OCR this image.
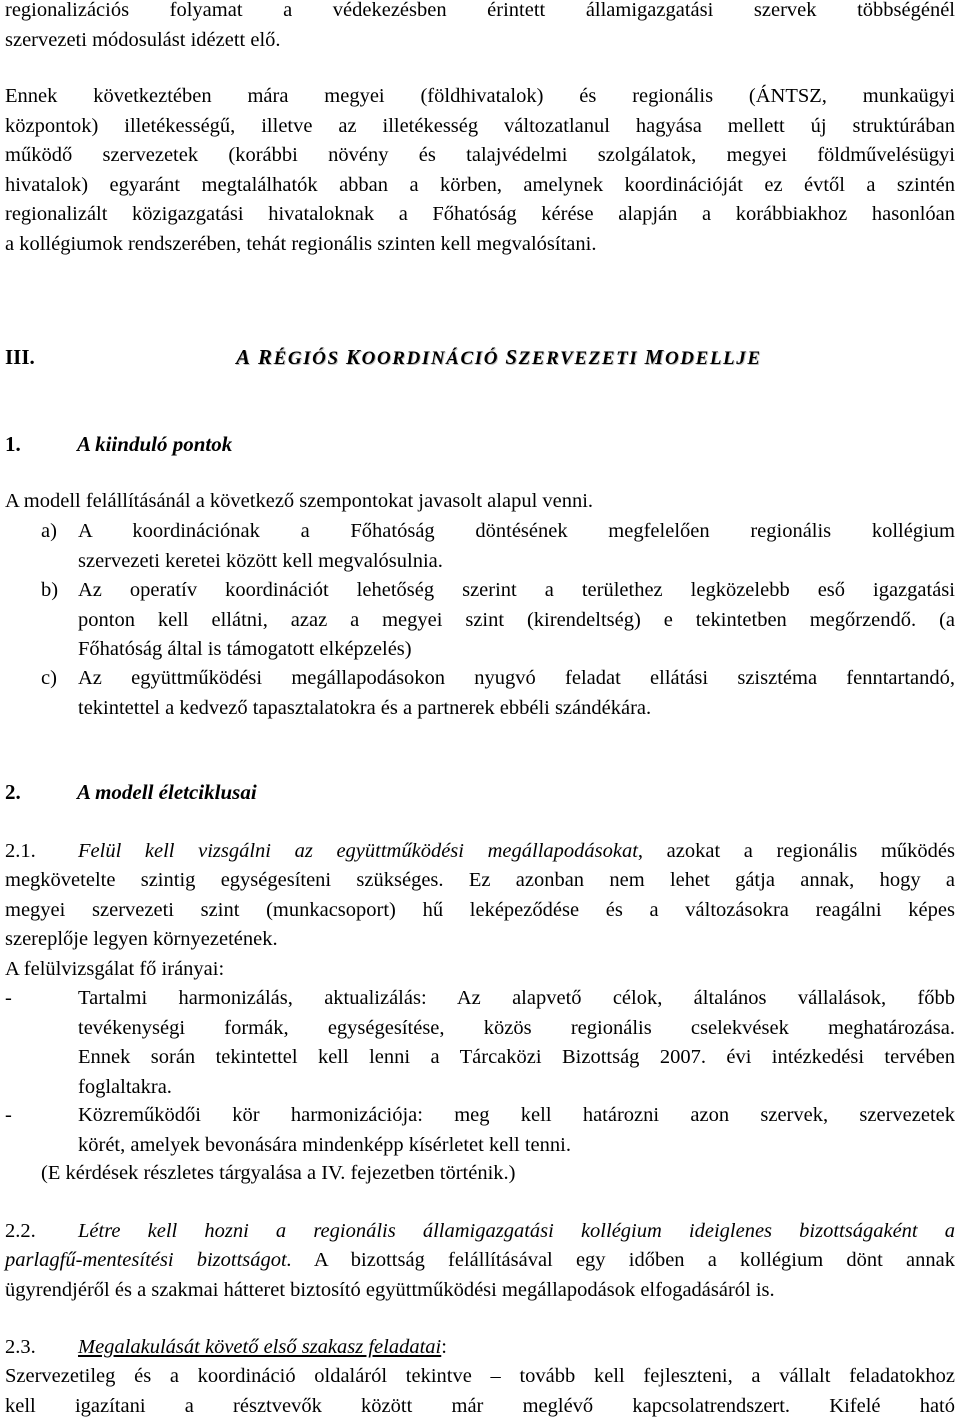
regionalizációs folyamat a védekezésben érintett államigazgatási szervek többségénél
szervezeti módosulást idézett elő.
Ennek következtében mára megyei (földhivatalok) és regionális (ÁNTSZ, munkaügyi
központok) illetékességű, illetve az illetékesség változatlanul hagyása mellett új struktúrában
működő szervezetek (korábbi növény és talajvédelmi szolgálatok, megyei földművelésügyi
hivatalok) egyaránt megtalálhatók abban a körben, amelynek koordinációját ez évtől a szintén
regionalizált közigazgatási hivataloknak a Főhatóság kérése alapján a korábbiakhoz hasonlóan
a kollégiumok rendszerében, tehát regionális szinten kell megvalósítani.
III.	A RÉGIÓS KOORDINÁCIÓ SZERVEZETI MODELLJE
1.	A kiinduló pontok
A modell felállításánál a következő szempontokat javasolt alapul venni.
a) A koordinációnak a Főhatóság döntésének megfelelően regionális kollégium
szervezeti keretei között kell megvalósulnia.
b) Az operatív koordinációt lehetőség szerint a területhez legközelebb eső igazgatási
ponton kell ellátni, azaz a megyei szint (kirendeltség) e tekintetben megőrzendő. (a
Főhatóság által is támogatott elképzelés)
c) Az együttműködési megállapodásokon nyugvó feladat ellátási szisztéma fenntartandó,
tekintettel a kedvező tapasztalatokra és a partnerek ebbéli szándékára.
2.	A modell életciklusai
2.1. Felül kell vizsgálni az együttműködési megállapodásokat, azokat a regionális működés
megkövetelte szintig egységesíteni szükséges. Ez azonban nem lehet gátja annak, hogy a
megyei szervezeti szint (munkacsoport) hű leképeződése és a változásokra reagálni képes
szereplője legyen környezetének.
A felülvizsgálat fő irányai:
-	Tartalmi harmonizálás, aktualizálás: Az alapvető célok, általános vállalások, főbb
tevékenységi formák, egységesítése, közös regionális cselekvések meghatározása.
Ennek során tekintettel kell lenni a Tárcaközi Bizottság 2007. évi intézkedési tervében
foglaltakra.
-	Közreműködői kör harmonizációja: meg kell határozni azon szervek, szervezetek
körét, amelyek bevonására mindenképp kísérletet kell tenni.
(E kérdések részletes tárgyalása a IV. fejezetben történik.)
2.2. Létre kell hozni a regionális államigazgatási kollégium ideiglenes bizottságaként a
parlagfű-mentesítési bizottságot. A bizottság felállításával egy időben a kollégium dönt annak
ügyrendjéről és a szakmai hátteret biztosító együttműködési megállapodások elfogadásáról is.
2.3. Megalakulását követő első szakasz feladatai:
Szervezetileg és a koordináció oldaláról tekintve – tovább kell fejleszteni, a vállalt feladatokhoz
kell igazítani a résztvevők között már meglévő kapcsolatrendszert. Kifelé ható
